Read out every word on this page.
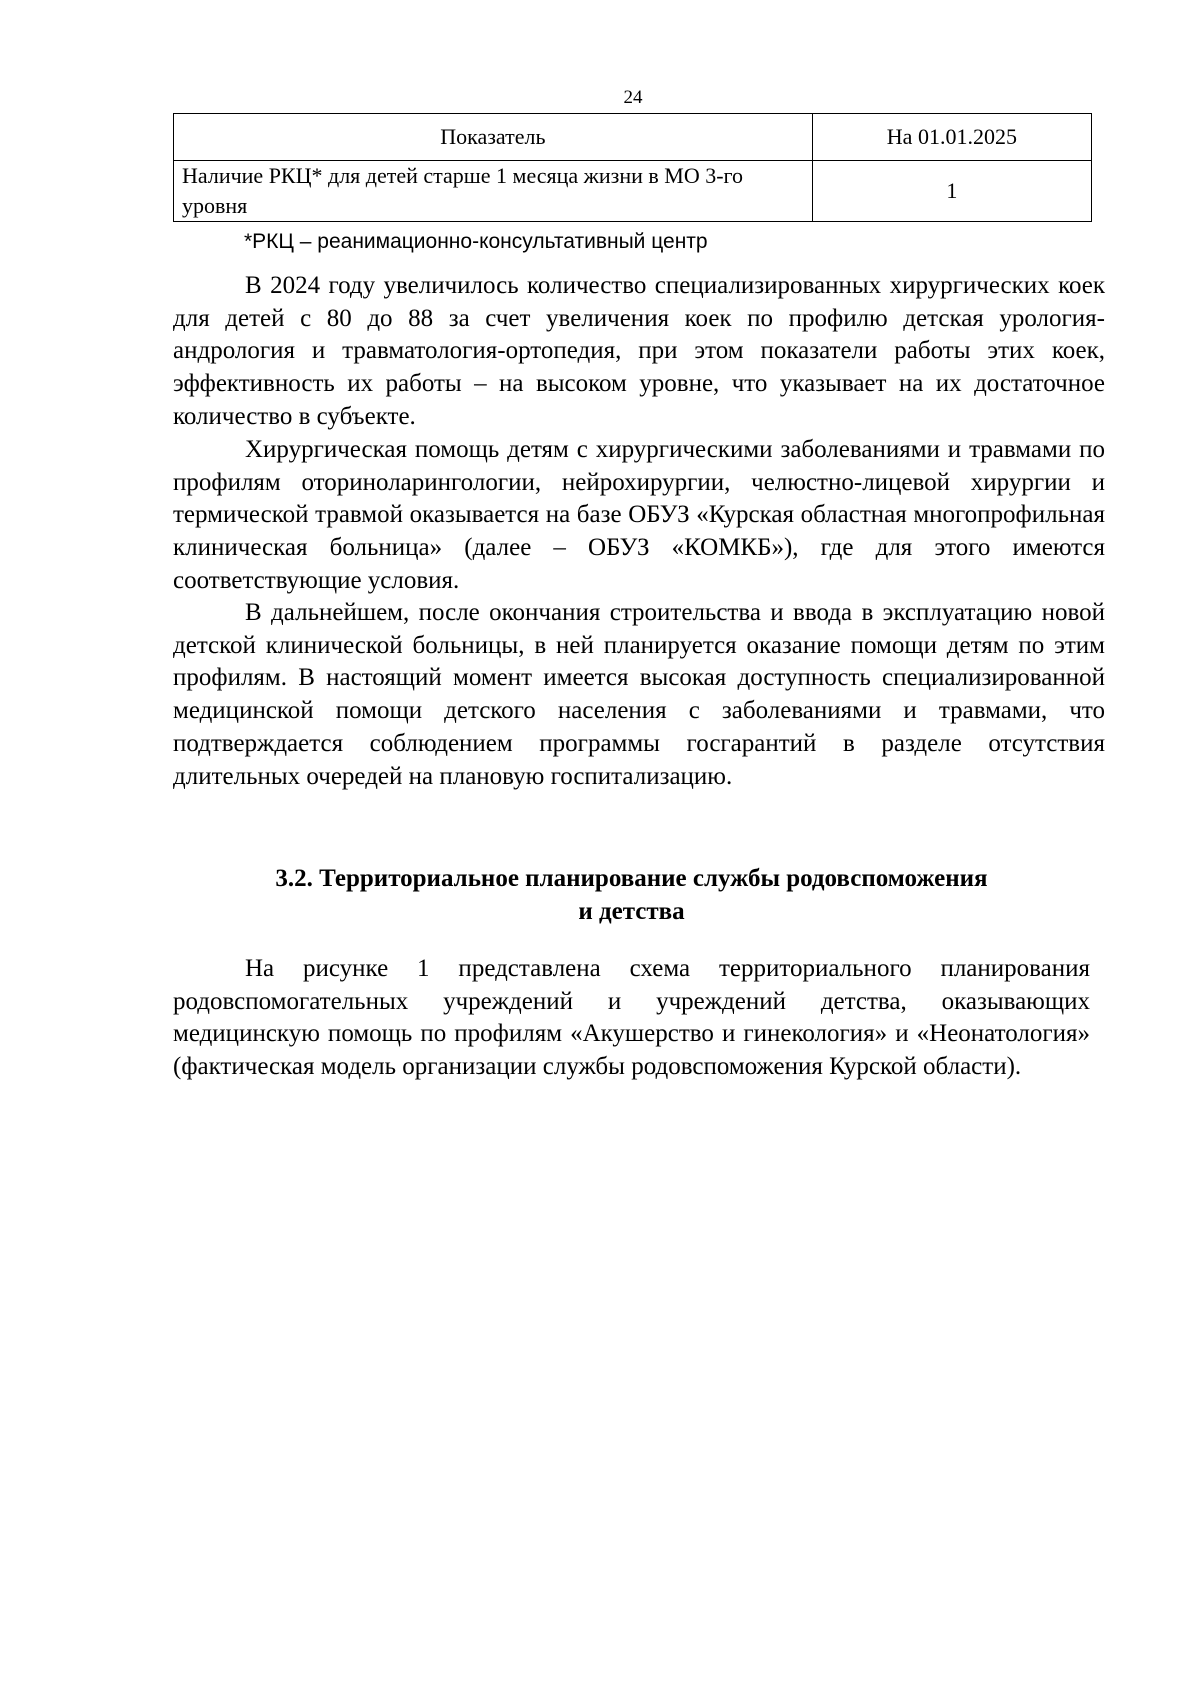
24
Показатель	На 01.01.2025
Наличие РКЦ* для детей старше 1 месяца жизни в МО 3-го уровня	1
*РКЦ – реанимационно-консультативный центр

В 2024 году увеличилось количество специализированных хирургических коек для детей с 80 до 88 за счет увеличения коек по профилю детская урология-андрология и травматология-ортопедия, при этом показатели работы этих коек, эффективность их работы – на высоком уровне, что указывает на их достаточное количество в субъекте.

Хирургическая помощь детям с хирургическими заболеваниями и травмами по профилям оториноларингологии, нейрохирургии, челюстно-лицевой хирургии и термической травмой оказывается на базе ОБУЗ «Курская областная многопрофильная клиническая больница» (далее – ОБУЗ «КОМКБ»), где для этого имеются соответствующие условия.

В дальнейшем, после окончания строительства и ввода в эксплуатацию новой детской клинической больницы, в ней планируется оказание помощи детям по этим профилям. В настоящий момент имеется высокая доступность специализированной медицинской помощи детского населения с заболеваниями и травмами, что подтверждается соблюдением программы госгарантий в разделе отсутствия длительных очередей на плановую госпитализацию.

3.2. Территориальное планирование службы родовспоможения
и детства

На рисунке 1 представлена схема территориального планирования родовспомогательных учреждений и учреждений детства, оказывающих медицинскую помощь по профилям «Акушерство и гинекология» и «Неонатология» (фактическая модель организации службы родовспоможения Курской области).
